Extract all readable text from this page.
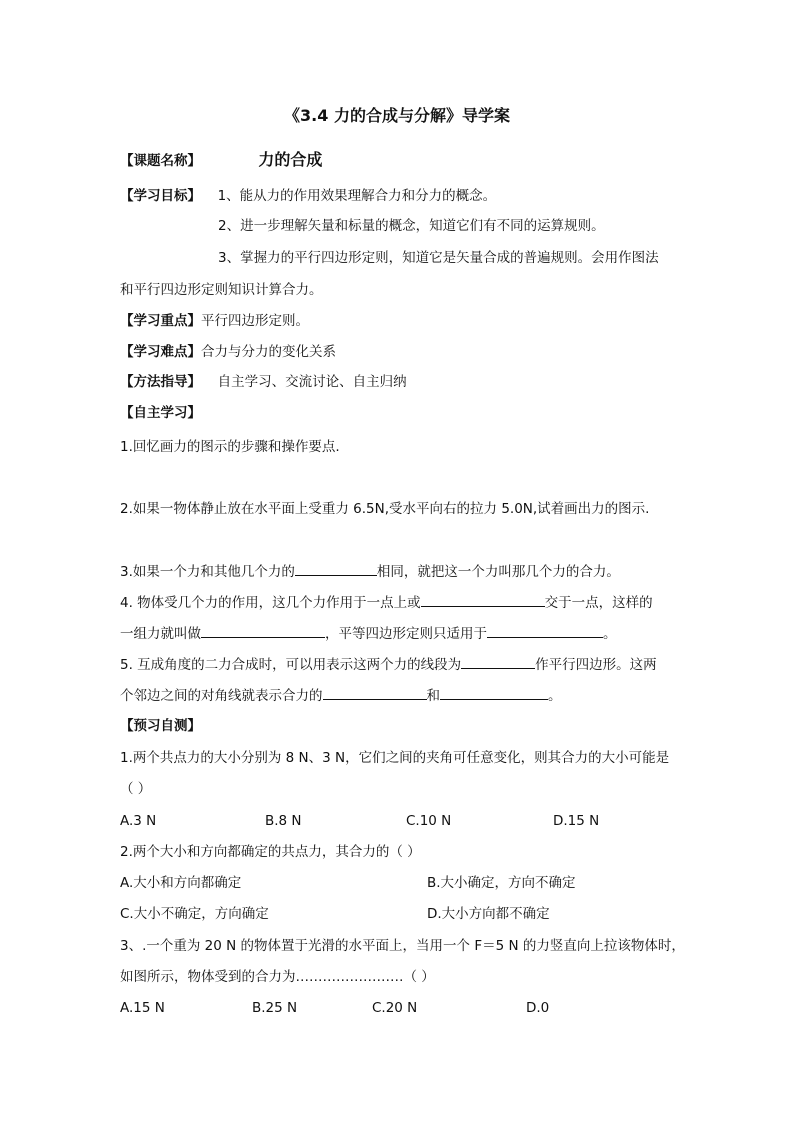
《3.4 力的合成与分解》导学案
【课题名称】	力的合成
【学习目标】 1、能从力的作用效果理解合力和分力的概念。
2、进一步理解矢量和标量的概念，知道它们有不同的运算规则。
3、掌握力的平行四边形定则，知道它是矢量合成的普遍规则。会用作图法
和平行四边形定则知识计算合力。
【学习重点】平行四边形定则。
【学习难点】合力与分力的变化关系
【方法指导】 自主学习、交流讨论、自主归纳
【自主学习】
1.回忆画力的图示的步骤和操作要点.
2.如果一物体静止放在水平面上受重力 6.5N,受水平向右的拉力 5.0N,试着画出力的图示.
3.如果一个力和其他几个力的	相同，就把这一个力叫那几个力的合力。
4. 物体受几个力的作用，这几个力作用于一点上或	交于一点，这样的
一组力就叫做	，平等四边形定则只适用于	。
5. 互成角度的二力合成时，可以用表示这两个力的线段为	作平行四边形。这两
个邻边之间的对角线就表示合力的	和	。
【预习自测】
1.两个共点力的大小分别为 8 N、3 N，它们之间的夹角可任意变化，则其合力的大小可能是
（ ）
A.3 N	B.8 N	C.10 N	D.15 N
2.两个大小和方向都确定的共点力，其合力的（ ）
A.大小和方向都确定	B.大小确定，方向不确定
C.大小不确定，方向确定	D.大小方向都不确定
3、.一个重为 20 N 的物体置于光滑的水平面上，当用一个 F＝5 N 的力竖直向上拉该物体时，
如图所示，物体受到的合力为……………………（ ）
A.15 N	B.25 N	C.20 N	D.0
